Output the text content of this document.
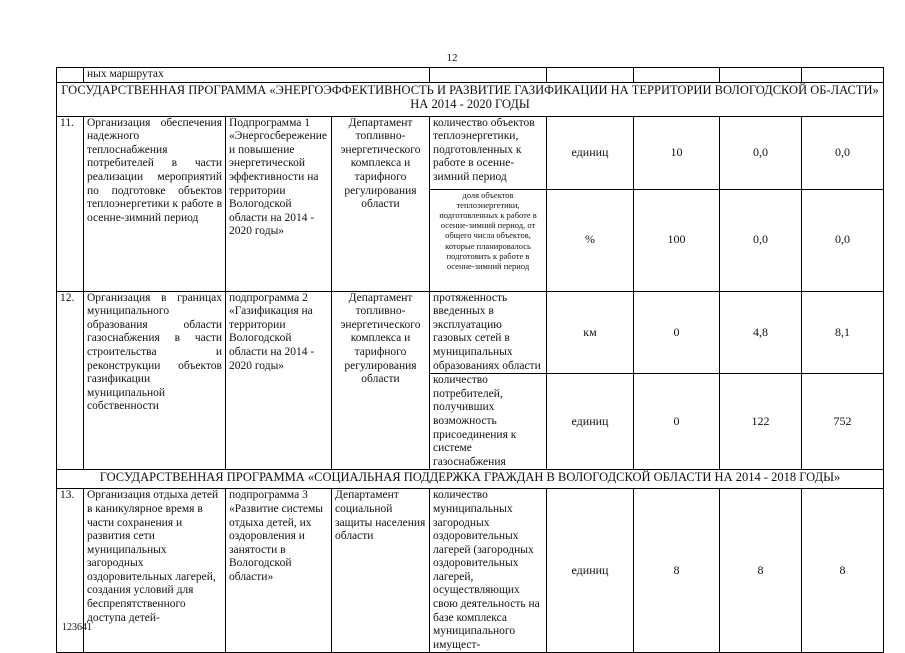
12
	ных маршрутах							
ГОСУДАРСТВЕННАЯ ПРОГРАММА «ЭНЕРГОЭФФЕКТИВНОСТЬ И РАЗВИТИЕ ГАЗИФИКАЦИИ НА ТЕРРИТОРИИ ВОЛОГОДСКОЙ ОБ-ЛАСТИ» НА 2014 - 2020 ГОДЫ								
11.	Организация обеспечения надежного теплоснабжения потребителей в части реализации мероприятий по подготовке объектов теплоэнергетики к работе в осенне-зимний период	Подпрограмма 1 «Энергосбережение и повышение энергетической эффективности на территории Вологодской области на 2014 - 2020 годы»	Департамент топливно-энергетического комплекса и тарифного регулирования области	количество объектов теплоэнергетики, подготовленных к работе в осенне-зимний период	единиц	10	0,0	0,0
				доля объектов теплоэнергетики, подготовленных к работе в осенне-зимний период, от общего числа объектов, которые планировалось подготовить к работе в осенне-зимний период	%	100	0,0	0,0
12.	Организация в границах муниципального образования области газоснабжения в части строительства и реконструкции объектов газификации муниципальной собственности	подпрограмма 2 «Газификация на территории Вологодской области на 2014 - 2020 годы»	Департамент топливно-энергетического комплекса и тарифного регулирования области	протяженность введенных в эксплуатацию газовых сетей в муниципальных образованиях области	км	0	4,8	8,1
				количество потребителей, получивших возможность присоединения к системе газоснабжения	единиц	0	122	752
ГОСУДАРСТВЕННАЯ ПРОГРАММА «СОЦИАЛЬНАЯ ПОДДЕРЖКА ГРАЖДАН В ВОЛОГОДСКОЙ ОБЛАСТИ НА 2014 - 2018 ГОДЫ»								
13.	Организация отдыха детей в каникулярное время в части сохранения и развития сети муниципальных загородных оздоровительных лагерей, создания условий для беспрепятственного доступа детей-	подпрограмма 3 «Развитие системы отдыха детей, их оздоровления и занятости в Вологодской области»	Департамент социальной защиты населения области	количество муниципальных загородных оздоровительных лагерей (загородных оздоровительных лагерей, осуществляющих свою деятельность на базе комплекса муниципального имущест-	единиц	8	8	8
123641
